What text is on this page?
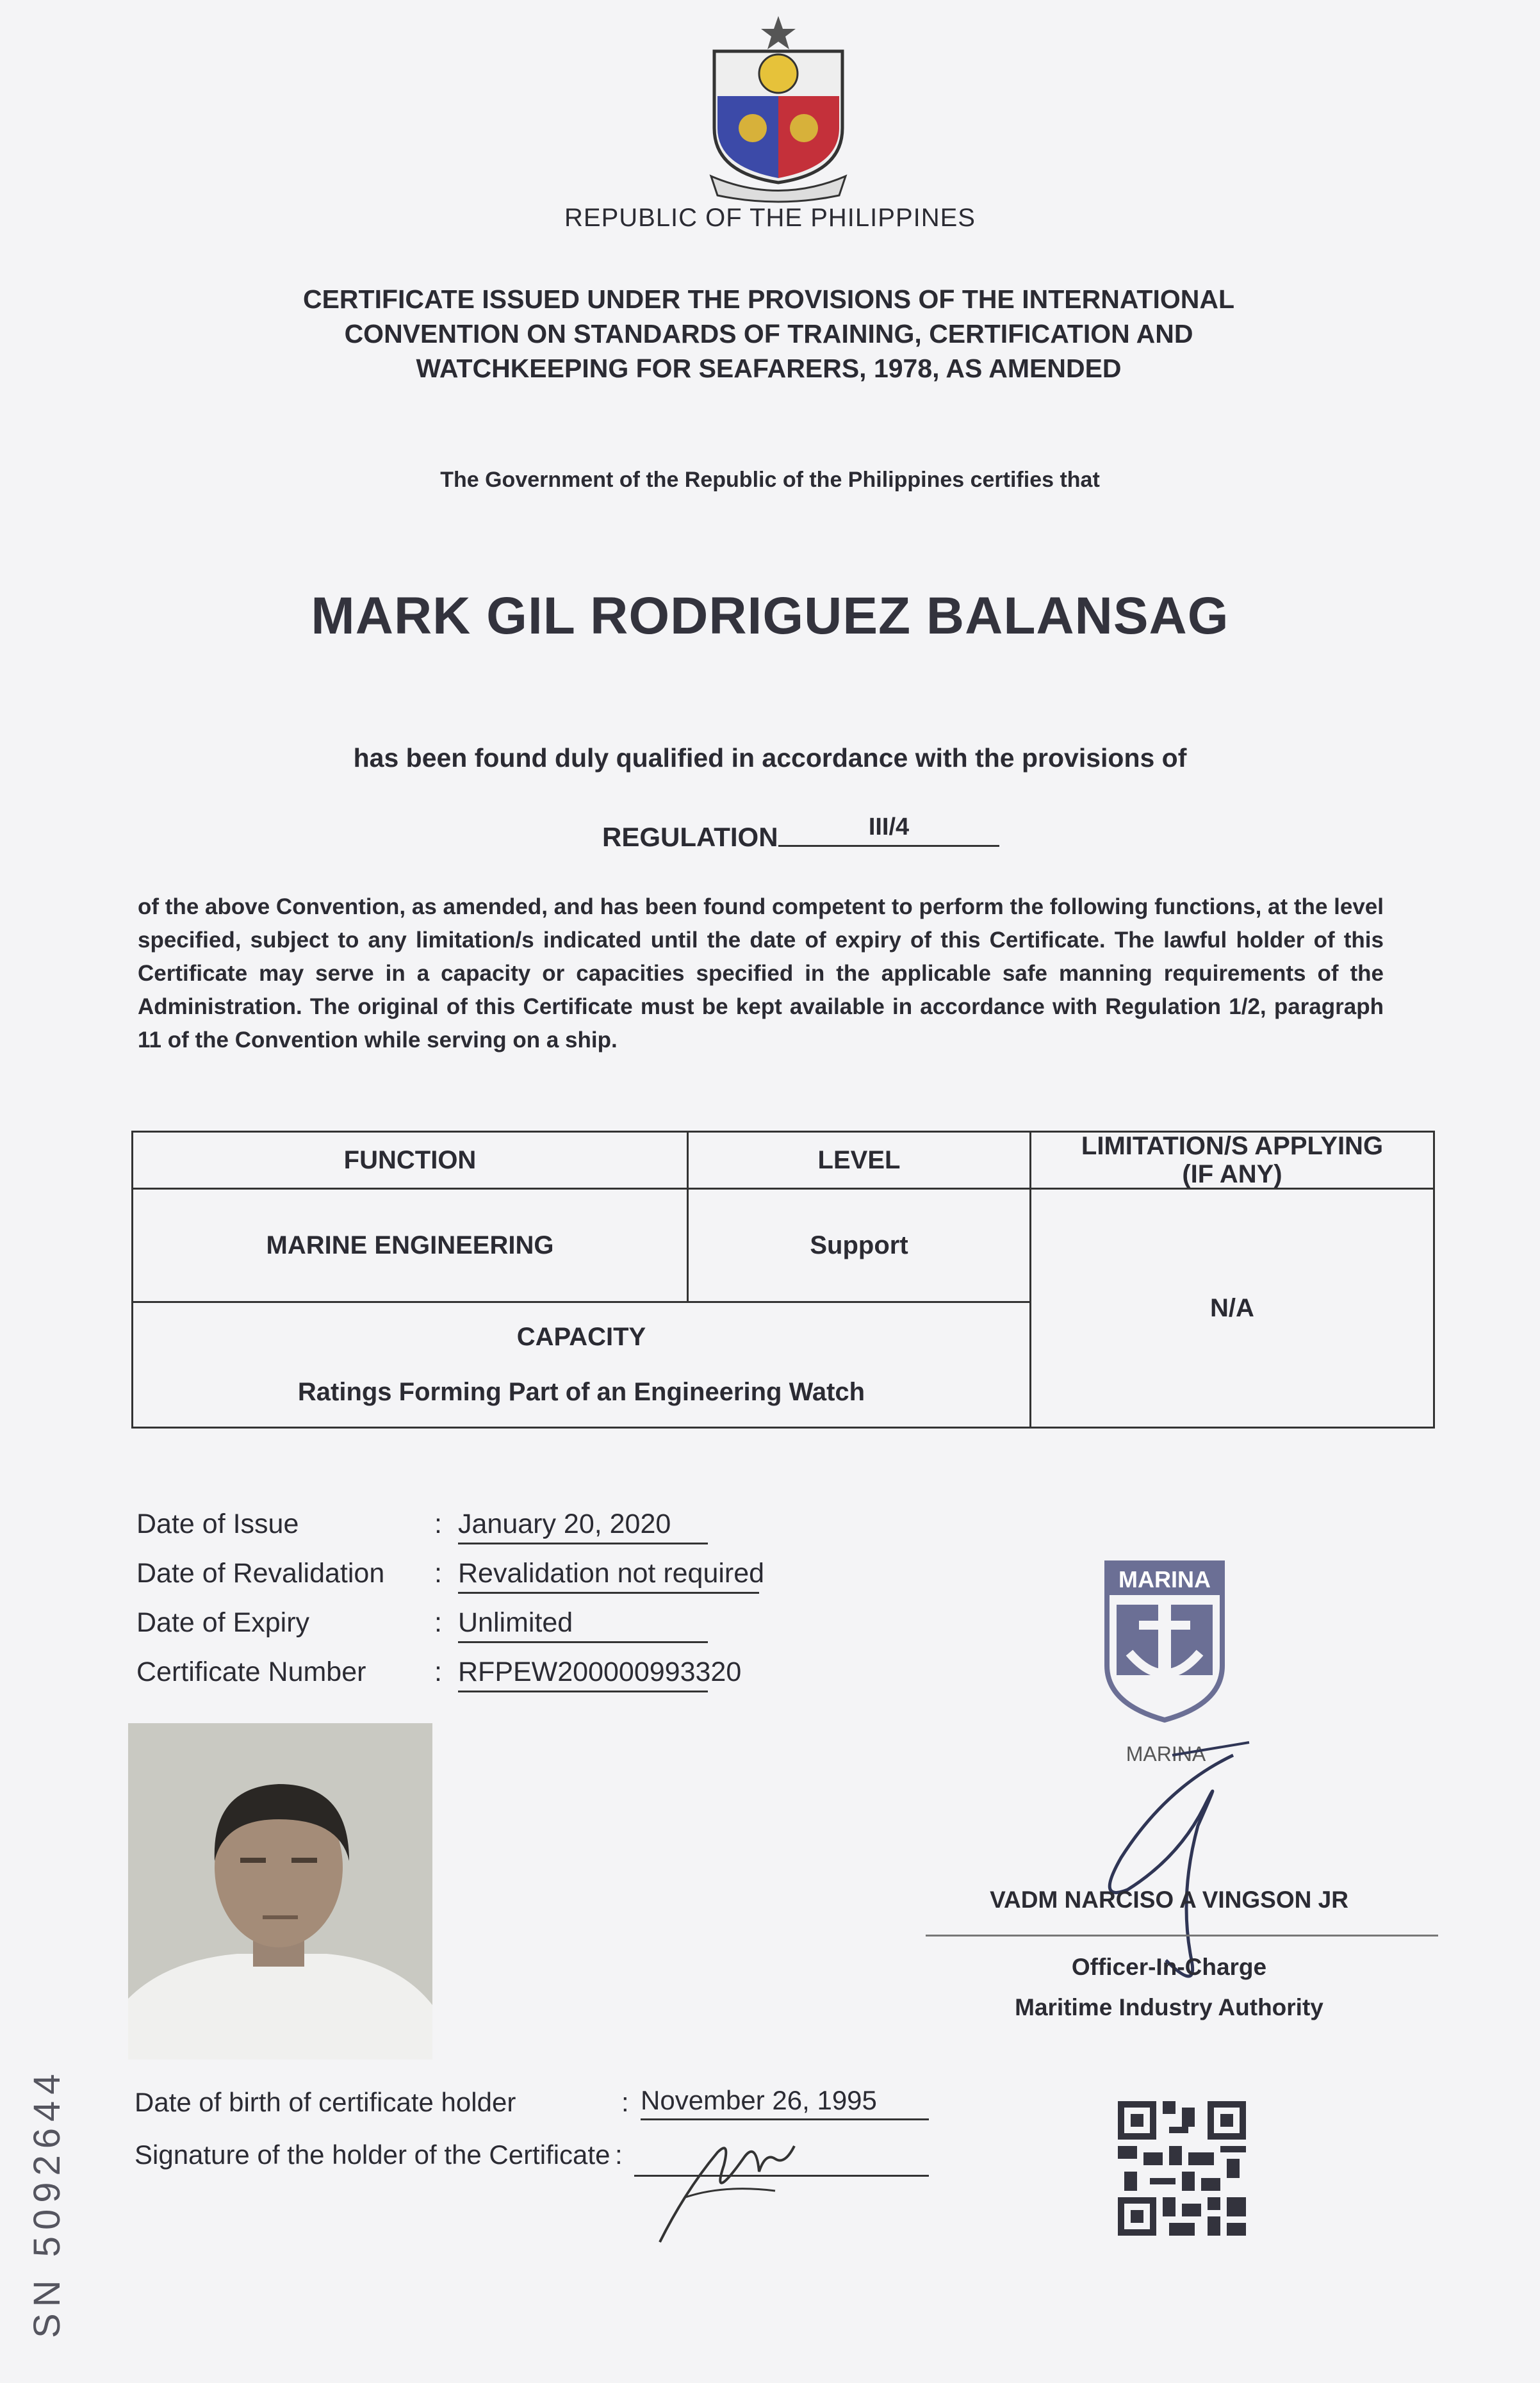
REPUBLIC OF THE PHILIPPINES
CERTIFICATE ISSUED UNDER THE PROVISIONS OF THE INTERNATIONAL
CONVENTION ON STANDARDS OF TRAINING, CERTIFICATION AND
WATCHKEEPING FOR SEAFARERS, 1978, AS AMENDED
The Government of the Republic of the Philippines certifies that
MARK GIL RODRIGUEZ BALANSAG
has been found duly qualified in accordance with the provisions of
REGULATION	III/4
of the above Convention, as amended, and has been found competent to perform the following functions, at the level specified, subject to any limitation/s indicated until the date of expiry of this Certificate. The lawful holder of this Certificate may serve in a capacity or capacities specified in the applicable safe manning requirements of the Administration. The original of this Certificate must be kept available in accordance with Regulation 1/2, paragraph 11 of the Convention while serving on a ship.
FUNCTION	LEVEL	LIMITATION/S APPLYING (IF ANY)
MARINE ENGINEERING	Support
N/A
CAPACITY
Ratings Forming Part of an Engineering Watch
Date of Issue	: January 20, 2020
Date of Revalidation : Revalidation not required
Date of Expiry	: Unlimited
Certificate Number : RFPEW200000993320
Date of birth of certificate holder	: November 26, 1995
Signature of the holder of the Certificate :
SN 5092644
MARINA
MARINA
VADM NARCISO A VINGSON JR
Officer-In-Charge
Maritime Industry Authority
